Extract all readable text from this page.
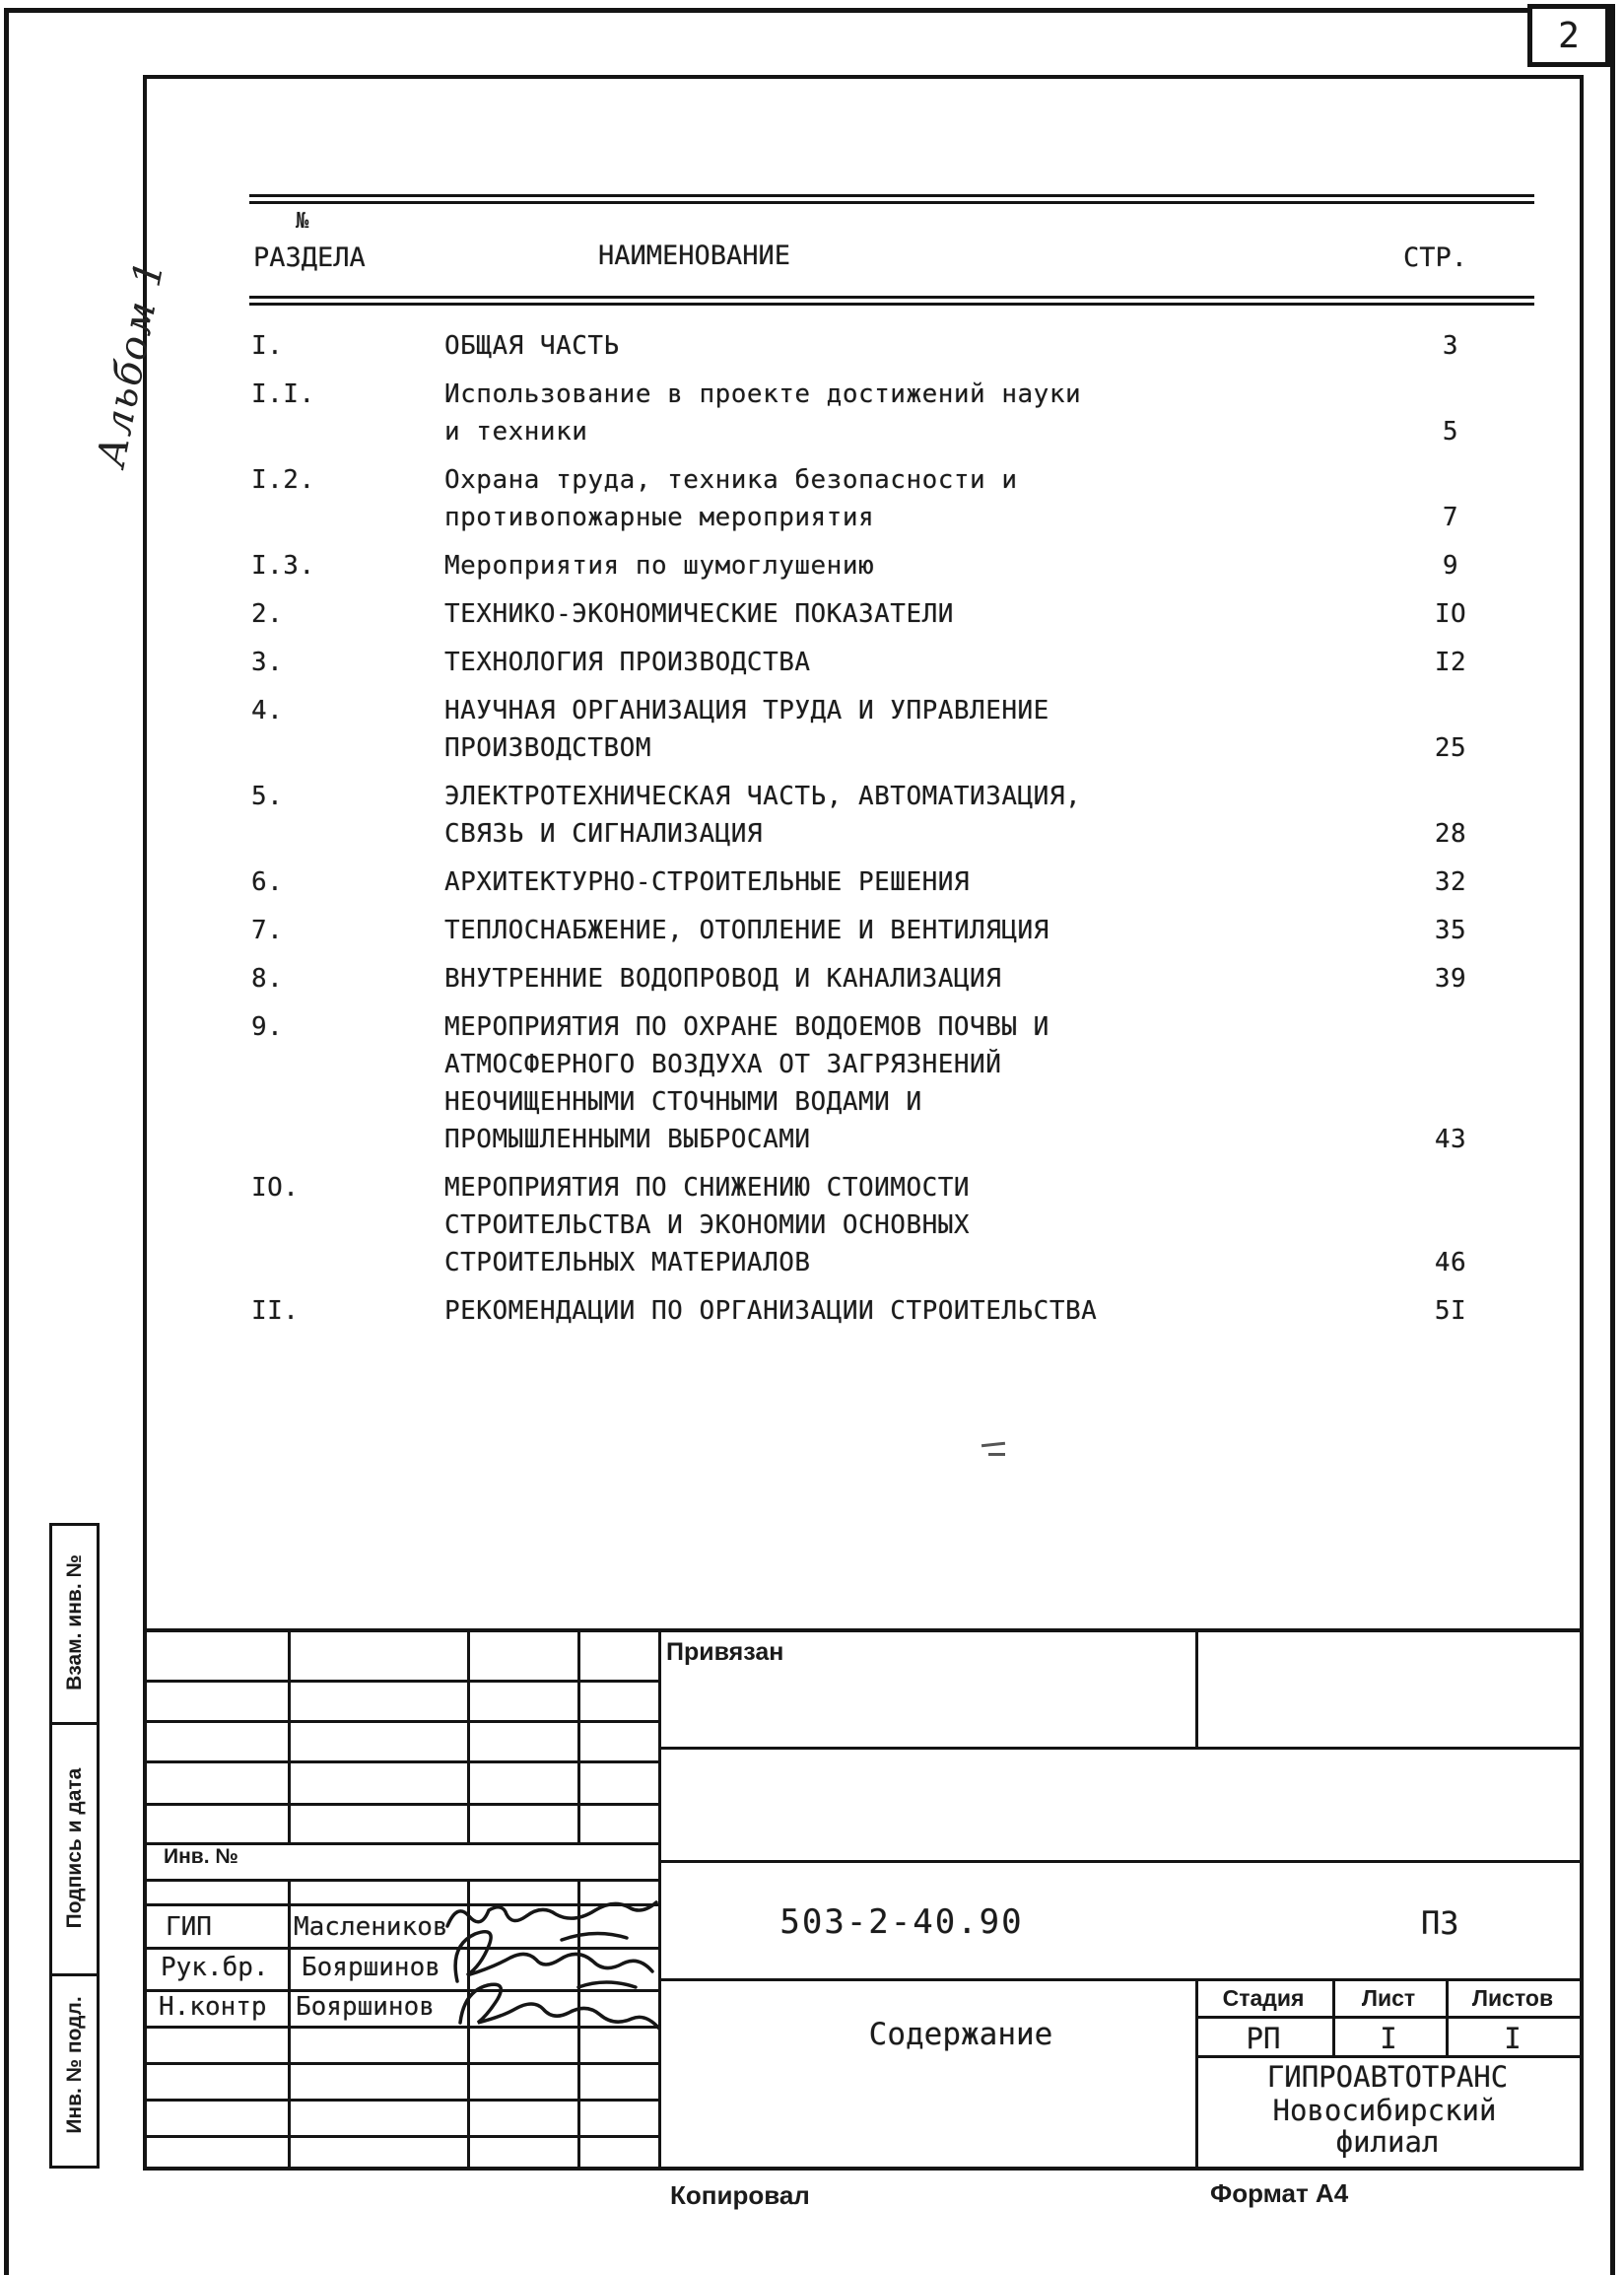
2
Альбом 1
№
РАЗДЕЛА	НАИМЕНОВАНИЕ	СТР.
I.	ОБЩАЯ ЧАСТЬ	3
I.I.	Использование в проекте достижений науки
и техники	5
I.2.	Охрана труда, техника безопасности и
противопожарные мероприятия	7
I.3.	Мероприятия по шумоглушению	9
2.	ТЕХНИКО-ЭКОНОМИЧЕСКИЕ ПОКАЗАТЕЛИ	IO
3.	ТЕХНОЛОГИЯ ПРОИЗВОДСТВА	I2
4.	НАУЧНАЯ ОРГАНИЗАЦИЯ ТРУДА И УПРАВЛЕНИЕ
ПРОИЗВОДСТВОМ	25
5.	ЭЛЕКТРОТЕХНИЧЕСКАЯ ЧАСТЬ, АВТОМАТИЗАЦИЯ,
СВЯЗЬ И СИГНАЛИЗАЦИЯ	28
6.	АРХИТЕКТУРНО-СТРОИТЕЛЬНЫЕ РЕШЕНИЯ	32
7.	ТЕПЛОСНАБЖЕНИЕ, ОТОПЛЕНИЕ И ВЕНТИЛЯЦИЯ	35
8.	ВНУТРЕННИЕ ВОДОПРОВОД И КАНАЛИЗАЦИЯ	39
9.	МЕРОПРИЯТИЯ ПО ОХРАНЕ ВОДОЕМОВ ПОЧВЫ И
АТМОСФЕРНОГО ВОЗДУХА ОТ ЗАГРЯЗНЕНИЙ
НЕОЧИЩЕННЫМИ СТОЧНЫМИ ВОДАМИ И
ПРОМЫШЛЕННЫМИ ВЫБРОСАМИ	43
IO.	МЕРОПРИЯТИЯ ПО СНИЖЕНИЮ СТОИМОСТИ
СТРОИТЕЛЬСТВА И ЭКОНОМИИ ОСНОВНЫХ
СТРОИТЕЛЬНЫХ МАТЕРИАЛОВ	46
II.	РЕКОМЕНДАЦИИ ПО ОРГАНИЗАЦИИ СТРОИТЕЛЬСТВА	5I
Взам. инв. №
Подпись и дата
Инв. № подл.
Привязан
Инв. №
ГИП	Маслеников
Рук.бр. Бояршинов
Н.контр Бояршинов
503-2-40.90	ПЗ
Содержание
Стадия	Лист	Листов
РП	I	I
ГИПРОАВТОТРАНС
Новосибирский
филиал
Копировал	Формат А4
